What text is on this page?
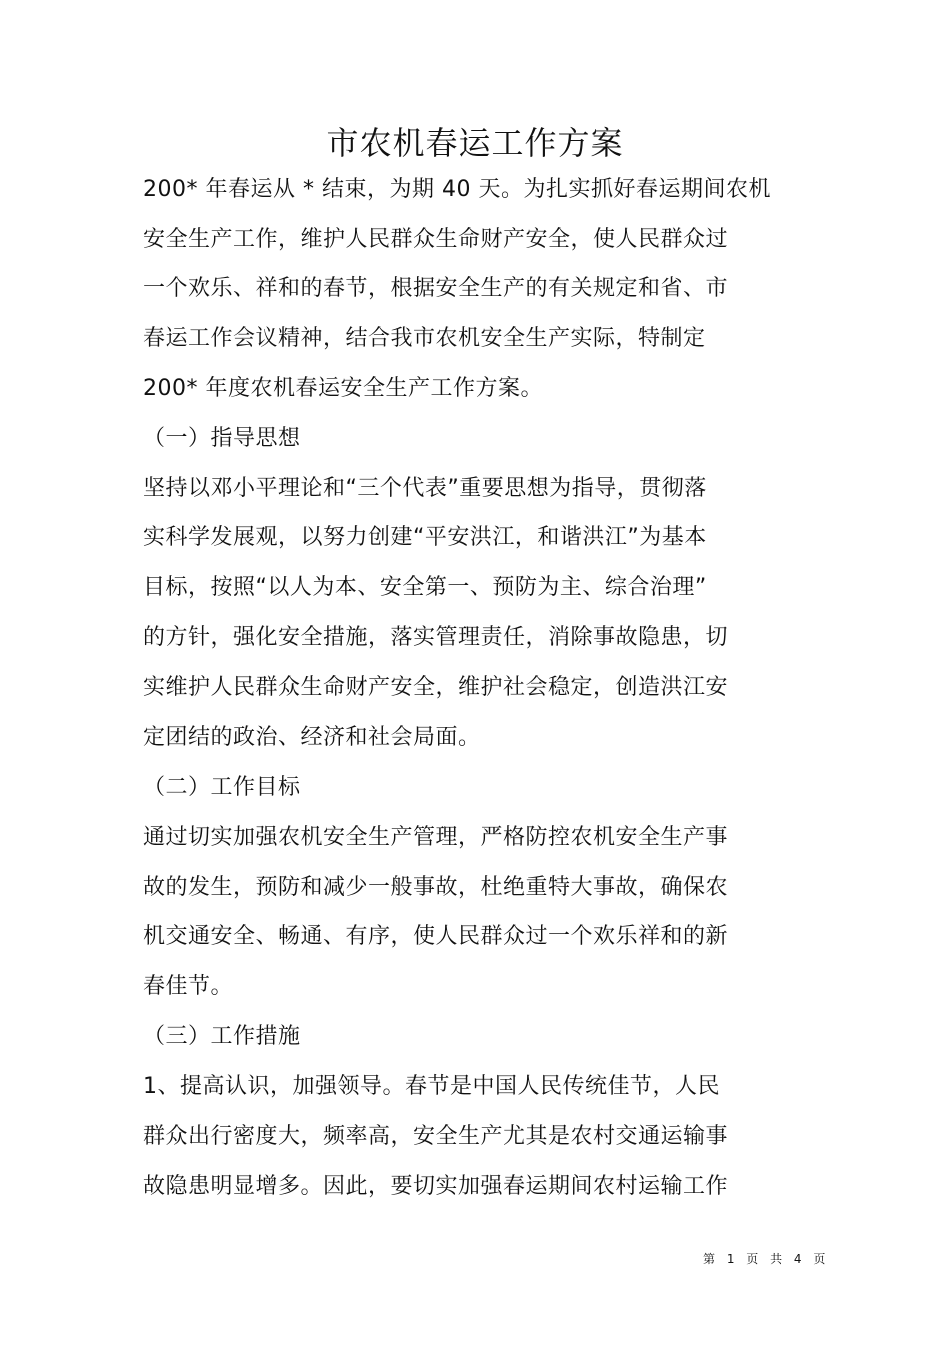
市农机春运工作方案
200* 年春运从 * 结束，为期 40 天。为扎实抓好春运期间农机
安全生产工作，维护人民群众生命财产安全，使人民群众过
一个欢乐、祥和的春节，根据安全生产的有关规定和省、市
春运工作会议精神，结合我市农机安全生产实际，特制定
200* 年度农机春运安全生产工作方案。
（一）指导思想
坚持以邓小平理论和“三个代表”重要思想为指导，贯彻落
实科学发展观，以努力创建“平安洪江，和谐洪江”为基本
目标，按照“以人为本、安全第一、预防为主、综合治理”
的方针，强化安全措施，落实管理责任，消除事故隐患，切
实维护人民群众生命财产安全，维护社会稳定，创造洪江安
定团结的政治、经济和社会局面。
（二）工作目标
通过切实加强农机安全生产管理，严格防控农机安全生产事
故的发生，预防和减少一般事故，杜绝重特大事故，确保农
机交通安全、畅通、有序，使人民群众过一个欢乐祥和的新
春佳节。
（三）工作措施
1、提高认识，加强领导。春节是中国人民传统佳节，人民
群众出行密度大，频率高，安全生产尤其是农村交通运输事
故隐患明显增多。因此，要切实加强春运期间农村运输工作
第 1 页 共 4 页
